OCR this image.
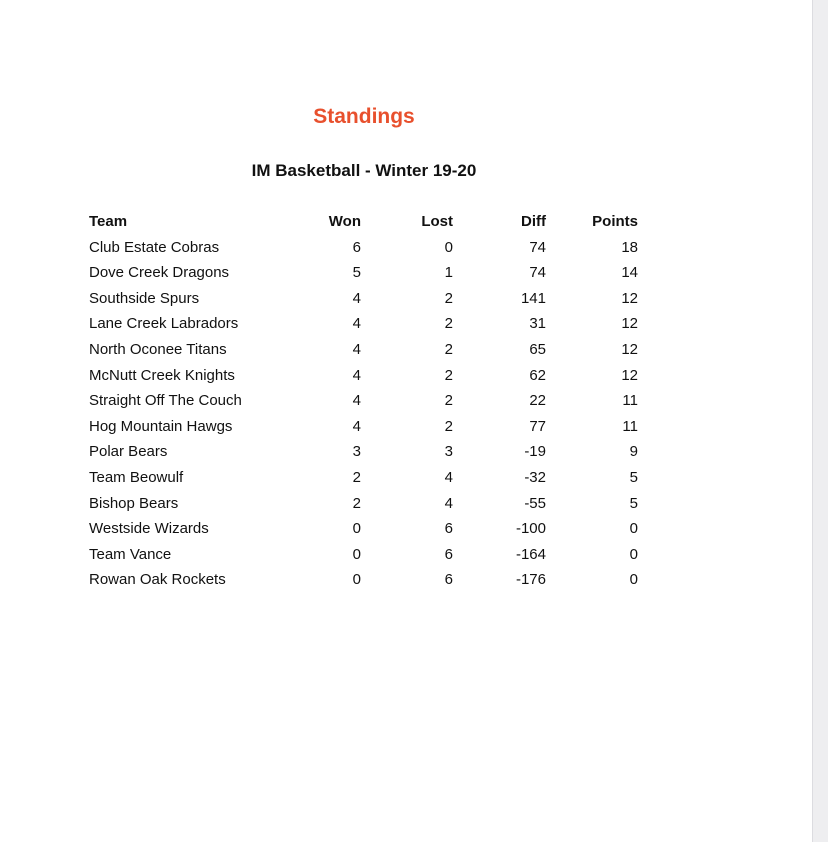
Standings
IM Basketball - Winter 19-20
Team	Won	Lost	Diff	Points
Club Estate Cobras	6	0	74	18
Dove Creek Dragons	5	1	74	14
Southside Spurs	4	2	141	12
Lane Creek Labradors	4	2	31	12
North Oconee Titans	4	2	65	12
McNutt Creek Knights	4	2	62	12
Straight Off The Couch	4	2	22	11
Hog Mountain Hawgs	4	2	77	11
Polar Bears	3	3	-19	9
Team Beowulf	2	4	-32	5
Bishop Bears	2	4	-55	5
Westside Wizards	0	6	-100	0
Team Vance	0	6	-164	0
Rowan Oak Rockets	0	6	-176	0
